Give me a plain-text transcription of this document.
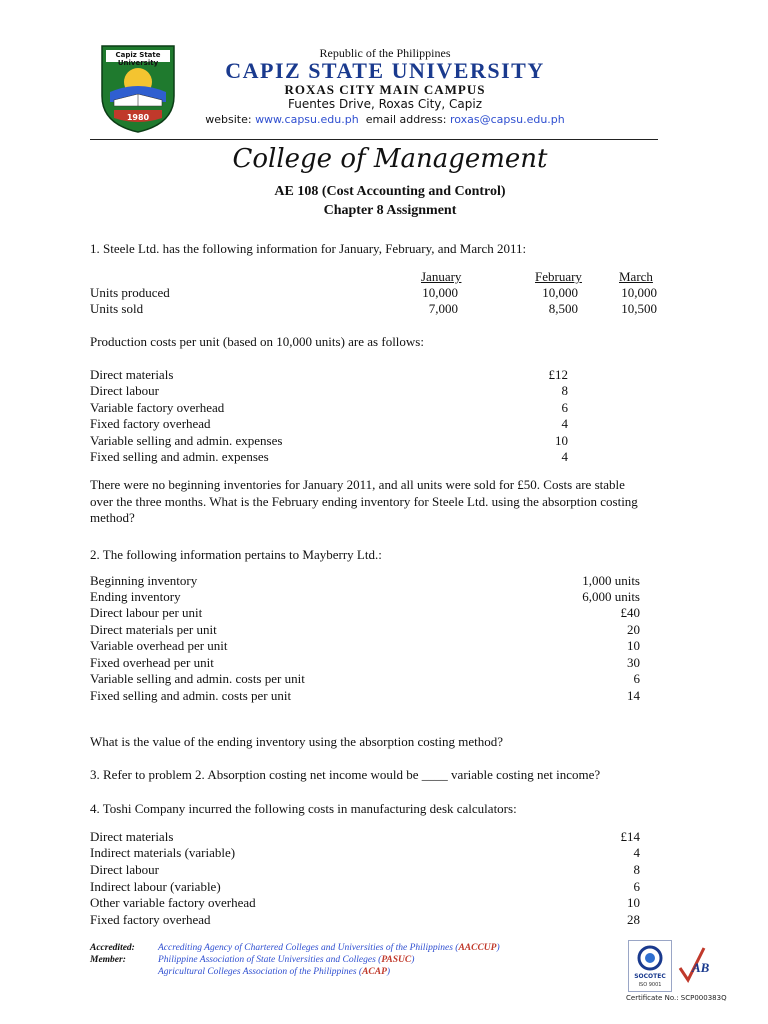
Capiz State University
1980
Republic of the Philippines
CAPIZ STATE UNIVERSITY
ROXAS CITY MAIN CAMPUS
Fuentes Drive, Roxas City, Capiz
website: www.capsu.edu.ph email address: roxas@capsu.edu.ph
College of Management
AE 108 (Cost Accounting and Control)
Chapter 8 Assignment
1. Steele Ltd. has the following information for January, February, and March 2011:
January	February	March
Units produced	10,000	10,000	10,000
Units sold	7,000	8,500	10,500
Production costs per unit (based on 10,000 units) are as follows:
Direct materials	£12
Direct labour	8
Variable factory overhead	6
Fixed factory overhead	4
Variable selling and admin. expenses	10
Fixed selling and admin. expenses	4
There were no beginning inventories for January 2011, and all units were sold for £50. Costs are stable
over the three months. What is the February ending inventory for Steele Ltd. using the absorption costing
method?
2. The following information pertains to Mayberry Ltd.:
Beginning inventory	1,000 units
Ending inventory	6,000 units
Direct labour per unit	£40
Direct materials per unit	20
Variable overhead per unit	10
Fixed overhead per unit	30
Variable selling and admin. costs per unit	6
Fixed selling and admin. costs per unit	14
What is the value of the ending inventory using the absorption costing method?
3. Refer to problem 2. Absorption costing net income would be ____ variable costing net income?
4. Toshi Company incurred the following costs in manufacturing desk calculators:
Direct materials	£14
Indirect materials (variable)	4
Direct labour	8
Indirect labour (variable)	6
Other variable factory overhead	10
Fixed factory overhead	28
Accredited:
Member:
Accrediting Agency of Chartered Colleges and Universities of the Philippines (AACCUP)
Philippine Association of State Universities and Colleges (PASUC)
Agricultural Colleges Association of the Philippines (ACAP)	SOCOTEC
ISO 9001
AB
Certificate No.: SCP000383Q
